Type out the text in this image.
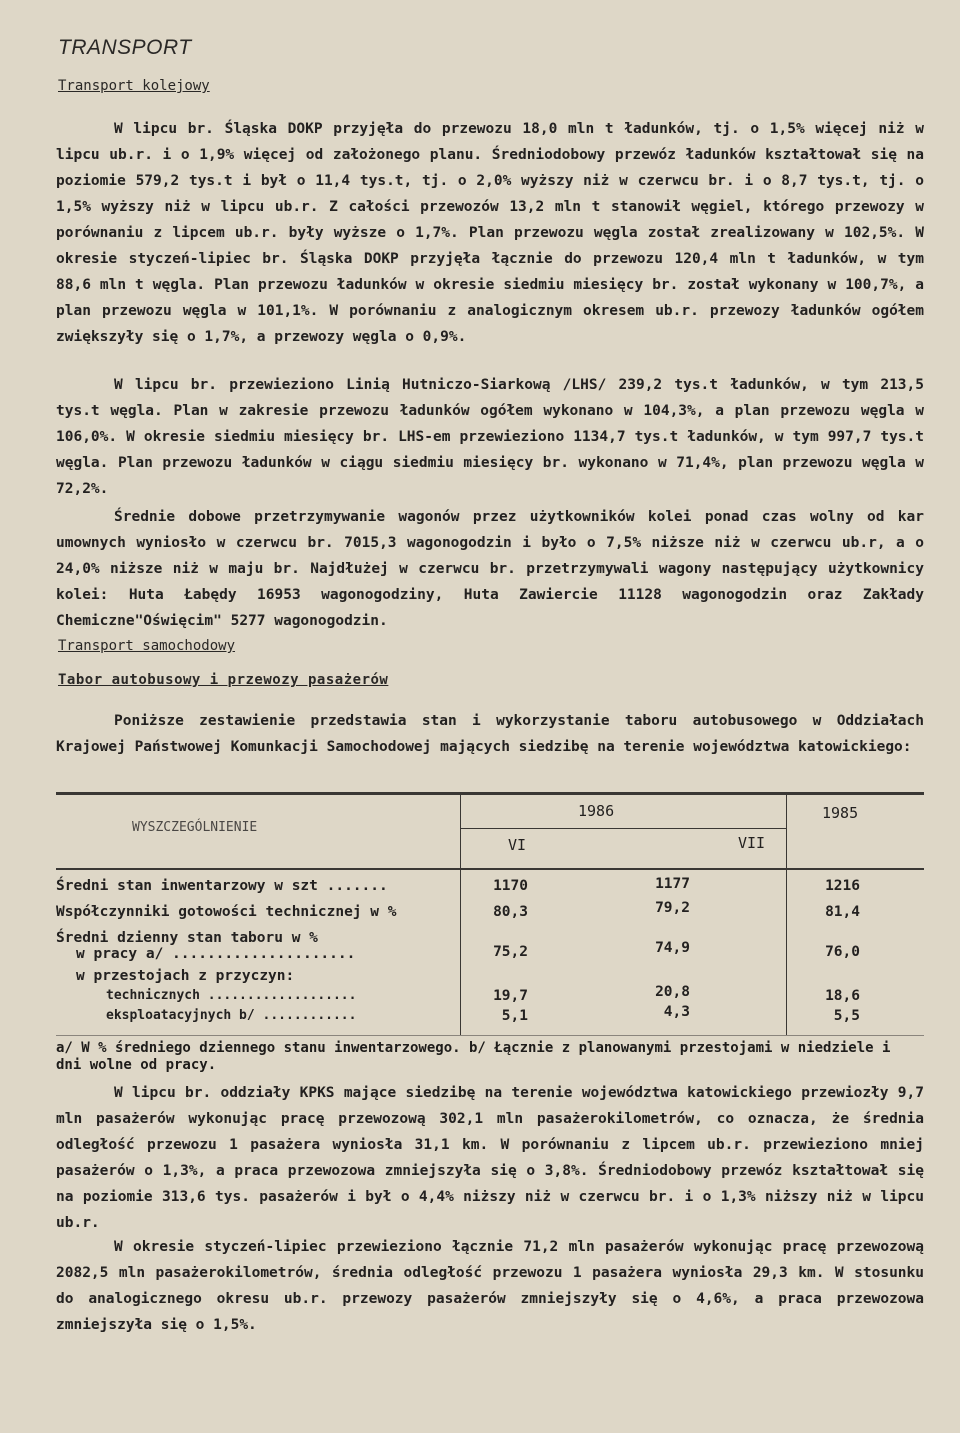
TRANSPORT
Transport kolejowy

W lipcu br. Śląska DOKP przyjęła do przewozu 18,0 mln t ładunków, tj. o 1,5% więcej niż w lipcu ub.r. i o 1,9% więcej od założonego planu. Średniodobowy przewóz ładunków kształtował się na poziomie 579,2 tys.t i był o 11,4 tys.t, tj. o 2,0% wyższy niż w czerwcu br. i o 8,7 tys.t, tj. o 1,5% wyższy niż w lipcu ub.r. Z całości przewozów 13,2 mln t stanowił węgiel, którego przewozy w porównaniu z lipcem ub.r. były wyższe o 1,7%. Plan przewozu węgla został zrealizowany w 102,5%. W okresie styczeń-lipiec br. Śląska DOKP przyjęła łącznie do przewozu 120,4 mln t ładunków, w tym 88,6 mln t węgla. Plan przewozu ładunków w okresie siedmiu miesięcy br. został wykonany w 100,7%, a plan przewozu węgla w 101,1%. W porównaniu z analogicznym okresem ub.r. przewozy ładunków ogółem zwiększyły się o 1,7%, a przewozy węgla o 0,9%.

W lipcu br. przewieziono Linią Hutniczo-Siarkową /LHS/ 239,2 tys.t ładunków, w tym 213,5 tys.t węgla. Plan w zakresie przewozu ładunków ogółem wykonano w 104,3%, a plan przewozu węgla w 106,0%. W okresie siedmiu miesięcy br. LHS-em przewieziono 1134,7 tys.t ładunków, w tym 997,7 tys.t węgla. Plan przewozu ładunków w ciągu siedmiu miesięcy br. wykonano w 71,4%, plan przewozu węgla w 72,2%.

Średnie dobowe przetrzymywanie wagonów przez użytkowników kolei ponad czas wolny od kar umownych wyniosło w czerwcu br. 7015,3 wagonogodzin i było o 7,5% niższe niż w czerwcu ub.r, a o 24,0% niższe niż w maju br. Najdłużej w czerwcu br. przetrzymywali wagony następujący użytkownicy kolei: Huta Łabędy 16953 wagonogodziny, Huta Zawiercie 11128 wagonogodzin oraz Zakłady Chemiczne"Oświęcim" 5277 wagonogodzin.

Transport samochodowy
Tabor autobusowy i przewozy pasażerów

Poniższe zestawienie przedstawia stan i wykorzystanie taboru autobusowego w Oddziałach Krajowej Państwowej Komunkacji Samochodowej mających siedzibę na terenie województwa katowickiego:

WYSZCZEGÓLNIENIE
1986	1985
VI	VII
Średni stan inwentarzowy w szt .......	1170	1177	1216
Współczynniki gotowości technicznej w %	80,3	79,2	81,4
Średni dzienny stan taboru w %
w pracy a/ .....................	75,2	74,9	76,0
w przestojach z przyczyn:
technicznych ...................	19,7	20,8	18,6
eksploatacyjnych b/ ............	5,1	4,3	5,5
a/ W % średniego dziennego stanu inwentarzowego. b/ Łącznie z planowanymi przestojami w niedziele i dni wolne od pracy.

W lipcu br. oddziały KPKS mające siedzibę na terenie województwa katowickiego przewiozły 9,7 mln pasażerów wykonując pracę przewozową 302,1 mln pasażerokilometrów, co oznacza, że średnia odległość przewozu 1 pasażera wyniosła 31,1 km. W porównaniu z lipcem ub.r. przewieziono mniej pasażerów o 1,3%, a praca przewozowa zmniejszyła się o 3,8%. Średniodobowy przewóz kształtował się na poziomie 313,6 tys. pasażerów i był o 4,4% niższy niż w czerwcu br. i o 1,3% niższy niż w lipcu ub.r.

W okresie styczeń-lipiec przewieziono łącznie 71,2 mln pasażerów wykonując pracę przewozową 2082,5 mln pasażerokilometrów, średnia odległość przewozu 1 pasażera wyniosła 29,3 km. W stosunku do analogicznego okresu ub.r. przewozy pasażerów zmniejszyły się o 4,6%, a praca przewozowa zmniejszyła się o 1,5%.
